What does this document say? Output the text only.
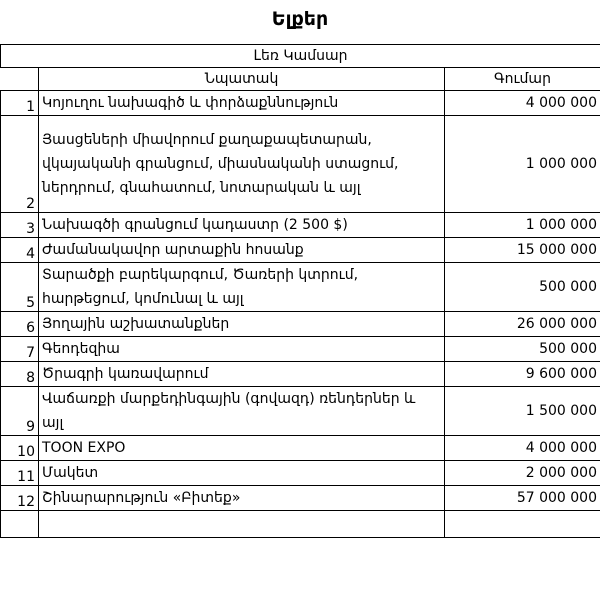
Ելքեր
Լեռ Կամսար		
	Նպատակ	Գումար
1	Կոյուղու նախագիծ և փորձաքննություն	4 000 000
2	Յասցեների միավորում քաղաքապետարան, վկայականի գրանցում, միասնականի ստացում, ներդրում, գնահատում, նոտարական և այլ	1 000 000
3	Նախագծի գրանցում կադաստր (2 500 $)	1 000 000
4	Ժամանակավոր արտաքին հոսանք	15 000 000
5	Տարածքի բարեկարգում, Ծառերի կտրում, հարթեցում, կոմունալ և այլ	500 000
6	Յողային աշխատանքներ	26 000 000
7	Գեոդեզիա	500 000
8	Ծրագրի կառավարում	9 600 000
9	Վաճառքի մարքեդինգային (գովազդ) ռենդերներ և այլ	1 500 000
10	TOON EXPO	4 000 000
11	Մակետ	2 000 000
12	Շինարարություն «Բիտեք»	57 000 000
